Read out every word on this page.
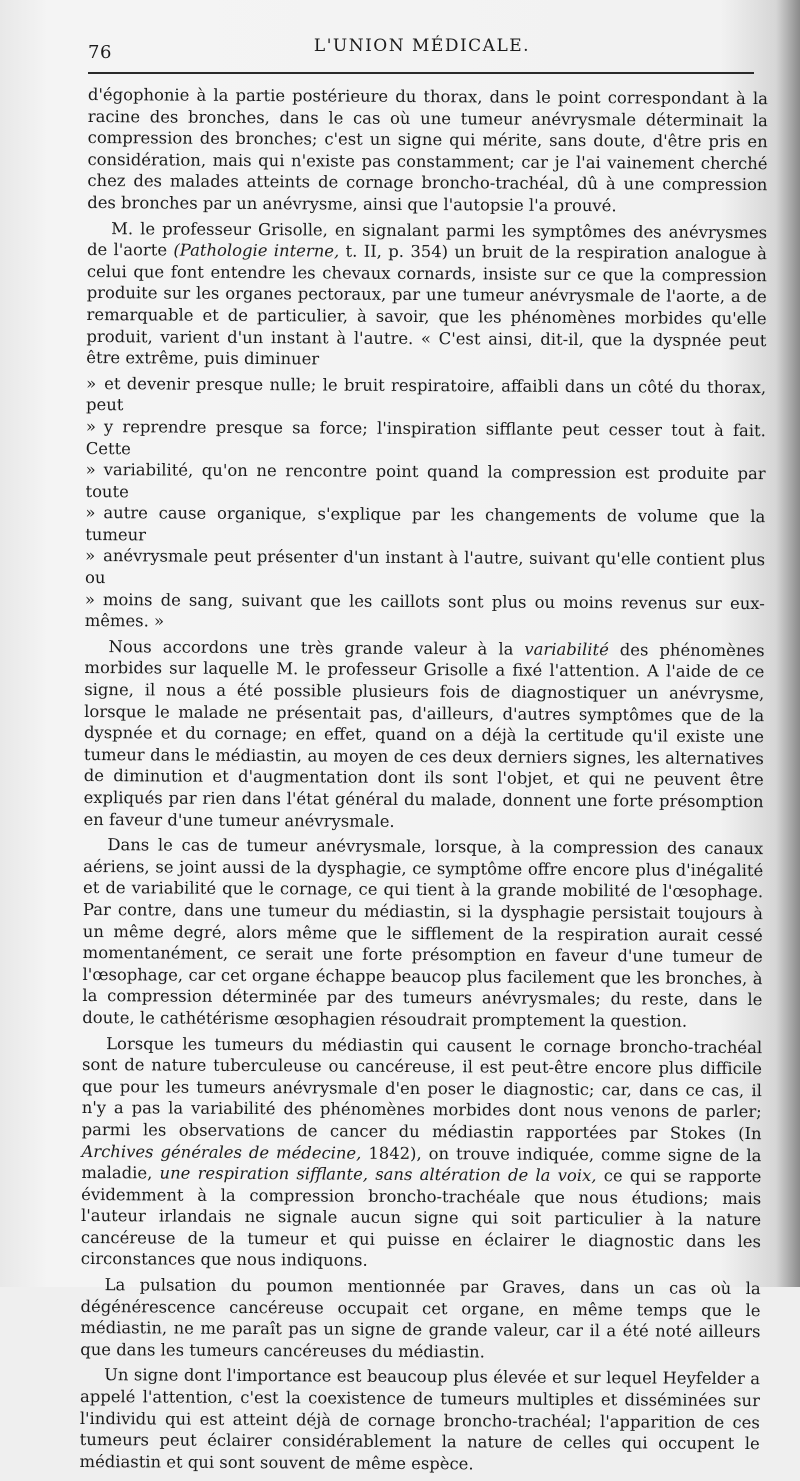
76	L'UNION MÉDICALE.

d'égophonie à la partie postérieure du thorax, dans le point correspondant à la racine des bronches, dans le cas où une tumeur anévrysmale déterminait la compression des bronches; c'est un signe qui mérite, sans doute, d'être pris en considération, mais qui n'existe pas constamment; car je l'ai vainement cherché chez des malades atteints de cornage broncho-trachéal, dû à une compression des bronches par un anévrysme, ainsi que l'autopsie l'a prouvé.

M. le professeur Grisolle, en signalant parmi les symptômes des anévrysmes de l'aorte (Pathologie interne, t. II, p. 354) un bruit de la respiration analogue à celui que font entendre les chevaux cornards, insiste sur ce que la compression produite sur les organes pectoraux, par une tumeur anévrysmale de l'aorte, a de remarquable et de particulier, à savoir, que les phénomènes morbides qu'elle produit, varient d'un instant à l'autre. « C'est ainsi, dit-il, que la dyspnée peut être extrême, puis diminuer

» et devenir presque nulle; le bruit respiratoire, affaibli dans un côté du thorax, peut
» y reprendre presque sa force; l'inspiration sifflante peut cesser tout à fait. Cette
» variabilité, qu'on ne rencontre point quand la compression est produite par toute
» autre cause organique, s'explique par les changements de volume que la tumeur
» anévrysmale peut présenter d'un instant à l'autre, suivant qu'elle contient plus ou
» moins de sang, suivant que les caillots sont plus ou moins revenus sur eux-mêmes. »

Nous accordons une très grande valeur à la variabilité des phénomènes morbides sur laquelle M. le professeur Grisolle a fixé l'attention. A l'aide de ce signe, il nous a été possible plusieurs fois de diagnostiquer un anévrysme, lorsque le malade ne présentait pas, d'ailleurs, d'autres symptômes que de la dyspnée et du cornage; en effet, quand on a déjà la certitude qu'il existe une tumeur dans le médiastin, au moyen de ces deux derniers signes, les alternatives de diminution et d'augmentation dont ils sont l'objet, et qui ne peuvent être expliqués par rien dans l'état général du malade, donnent une forte présomption en faveur d'une tumeur anévrysmale.

Dans le cas de tumeur anévrysmale, lorsque, à la compression des canaux aériens, se joint aussi de la dysphagie, ce symptôme offre encore plus d'inégalité et de variabilité que le cornage, ce qui tient à la grande mobilité de l'œsophage. Par contre, dans une tumeur du médiastin, si la dysphagie persistait toujours à un même degré, alors même que le sifflement de la respiration aurait cessé momentanément, ce serait une forte présomption en faveur d'une tumeur de l'œsophage, car cet organe échappe beaucop plus facilement que les bronches, à la compression déterminée par des tumeurs anévrysmales; du reste, dans le doute, le cathétérisme œsophagien résoudrait promptement la question.

Lorsque les tumeurs du médiastin qui causent le cornage broncho-trachéal sont de nature tuberculeuse ou cancéreuse, il est peut-être encore plus difficile que pour les tumeurs anévrysmale d'en poser le diagnostic; car, dans ce cas, il n'y a pas la variabilité des phénomènes morbides dont nous venons de parler; parmi les observations de cancer du médiastin rapportées par Stokes (In Archives générales de médecine, 1842), on trouve indiquée, comme signe de la maladie, une respiration sifflante, sans altération de la voix, ce qui se rapporte évidemment à la compression broncho-trachéale que nous étudions; mais l'auteur irlandais ne signale aucun signe qui soit particulier à la nature cancéreuse de la tumeur et qui puisse en éclairer le diagnostic dans les circonstances que nous indiquons.

La pulsation du poumon mentionnée par Graves, dans un cas où la dégénérescence cancéreuse occupait cet organe, en même temps que le médiastin, ne me paraît pas un signe de grande valeur, car il a été noté ailleurs que dans les tumeurs cancéreuses du médiastin.

Un signe dont l'importance est beaucoup plus élevée et sur lequel Heyfelder a appelé l'attention, c'est la coexistence de tumeurs multiples et disséminées sur l'individu qui est atteint déjà de cornage broncho-trachéal; l'apparition de ces tumeurs peut éclairer considérablement la nature de celles qui occupent le médiastin et qui sont souvent de même espèce.
